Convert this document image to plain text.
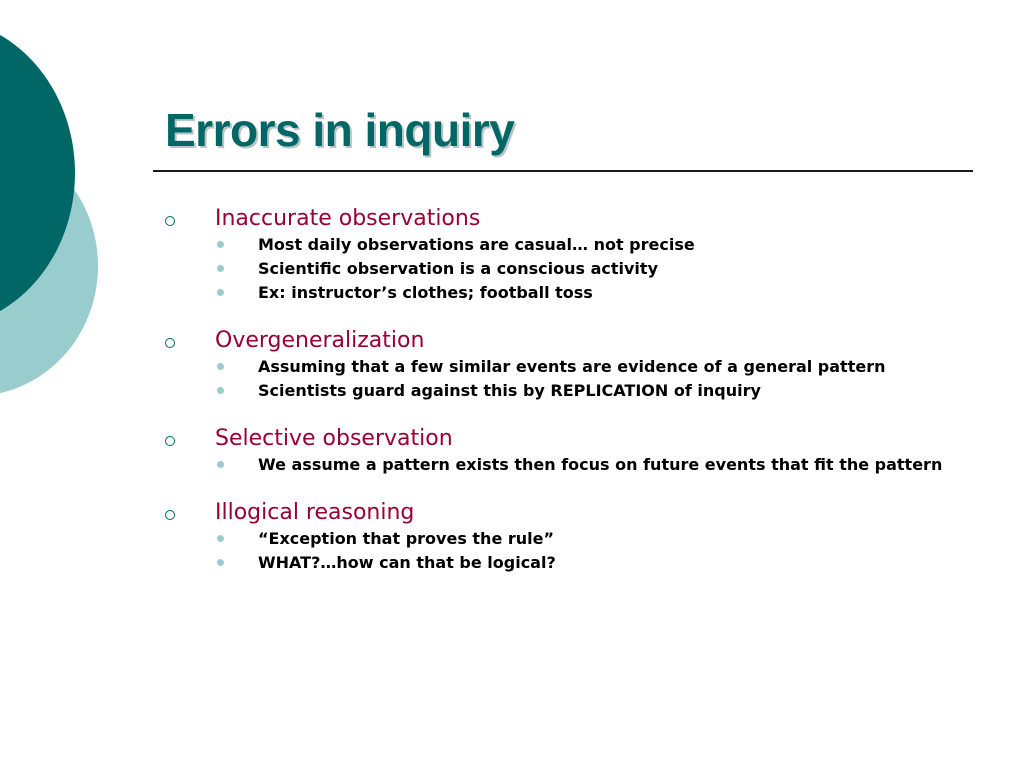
Errors in inquiry
Inaccurate observations
Most daily observations are casual… not precise
Scientific observation is a conscious activity
Ex: instructor’s clothes; football toss
Overgeneralization
Assuming that a few similar events are evidence of a general pattern
Scientists guard against this by REPLICATION of inquiry
Selective observation
We assume a pattern exists then focus on future events that fit the pattern
Illogical reasoning
“Exception that proves the rule”
WHAT?…how can that be logical?
